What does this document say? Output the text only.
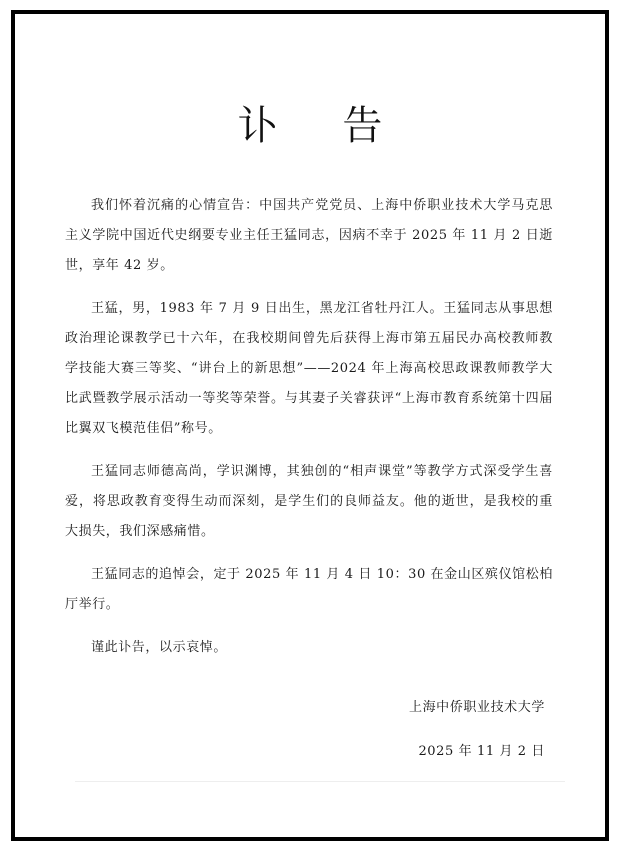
讣 告

我们怀着沉痛的心情宣告：中国共产党党员、上海中侨职业技术大学马克思主义学院中国近代史纲要专业主任王猛同志，因病不幸于 2025 年 11 月 2 日逝世，享年 42 岁。

王猛，男，1983 年 7 月 9 日出生，黑龙江省牡丹江人。王猛同志从事思想政治理论课教学已十六年，在我校期间曾先后获得上海市第五届民办高校教师教学技能大赛三等奖、“讲台上的新思想”——2024 年上海高校思政课教师教学大比武暨教学展示活动一等奖等荣誉。与其妻子关睿获评“上海市教育系统第十四届比翼双飞模范佳侣”称号。

王猛同志师德高尚，学识渊博，其独创的“相声课堂”等教学方式深受学生喜爱，将思政教育变得生动而深刻，是学生们的良师益友。他的逝世，是我校的重大损失，我们深感痛惜。

王猛同志的追悼会，定于 2025 年 11 月 4 日 10：30 在金山区殡仪馆松柏厅举行。

谨此讣告，以示哀悼。

上海中侨职业技术大学
2025 年 11 月 2 日
